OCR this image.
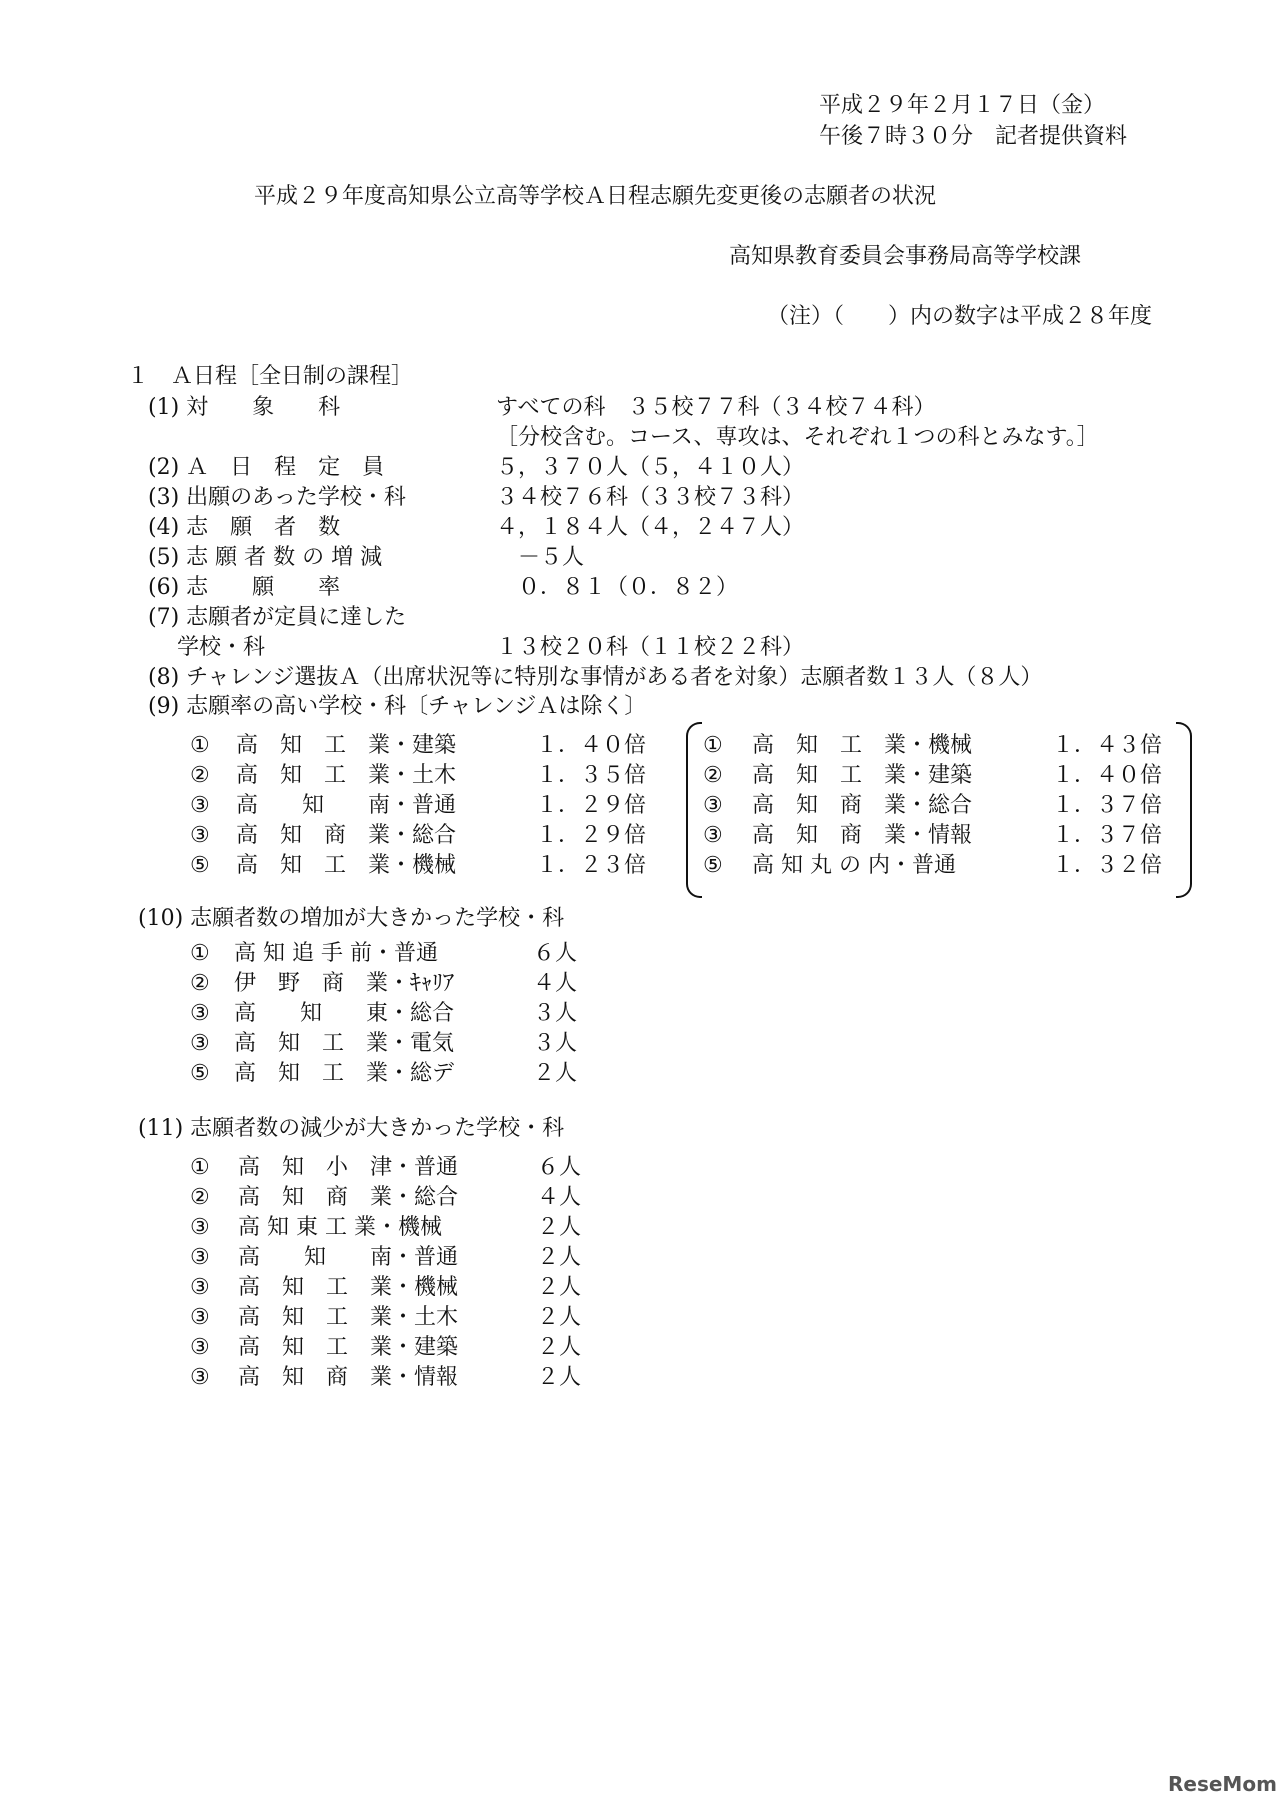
平成２９年２月１７日（金）
午後７時３０分　記者提供資料
平成２９年度高知県公立高等学校Ａ日程志願先変更後の志願者の状況
高知県教育委員会事務局高等学校課
（注）（　　）内の数字は平成２８年度
１　Ａ日程［全日制の課程］
(1) 対　　象　　科	すべての科　３５校７７科（３４校７４科）
［分校含む。コース、専攻は、それぞれ１つの科とみなす。］
(2) Ａ　日　程　定　員	５，３７０人（５，４１０人）
(3) 出願のあった学校・科	３４校７６科（３３校７３科）
(4) 志　願　者　数	４，１８４人（４，２４７人）
(5) 志 願 者 数 の 増 減	　－５人
(6) 志　　願　　率	　０．８１（０．８２）
(7) 志願者が定員に達した
　 学校・科	１３校２０科（１１校２２科）
(8) チャレンジ選抜Ａ（出席状況等に特別な事情がある者を対象）志願者数１３人（８人）
(9) 志願率の高い学校・科〔チャレンジＡは除く〕
(10) 志願者数の増加が大きかった学校・科
(11) 志願者数の減少が大きかった学校・科
ReseMom
① 高　知　工　業・建築	１．４０倍
② 高　知　工　業・土木	１．３５倍
③ 高　　知　　南・普通	１．２９倍
③ 高　知　商　業・総合	１．２９倍
⑤ 高　知　工　業・機械	１．２３倍
① 高　知　工　業・機械	１．４３倍
② 高　知　工　業・建築	１．４０倍
③ 高　知　商　業・総合	１．３７倍
③ 高　知　商　業・情報	１．３７倍
⑤ 高 知 丸 の 内・普通	１．３２倍
① 高 知 追 手 前・普通	６人
② 伊　野　商　業・ｷｬﾘｱ	４人
③ 高　　知　　東・総合	３人
③ 高　知　工　業・電気	３人
⑤ 高　知　工　業・総デ	２人
① 高　知　小　津・普通	６人
② 高　知　商　業・総合	４人
③ 高 知 東 工 業・機械	２人
③ 高　　知　　南・普通	２人
③ 高　知　工　業・機械	２人
③ 高　知　工　業・土木	２人
③ 高　知　工　業・建築	２人
③ 高　知　商　業・情報	２人
